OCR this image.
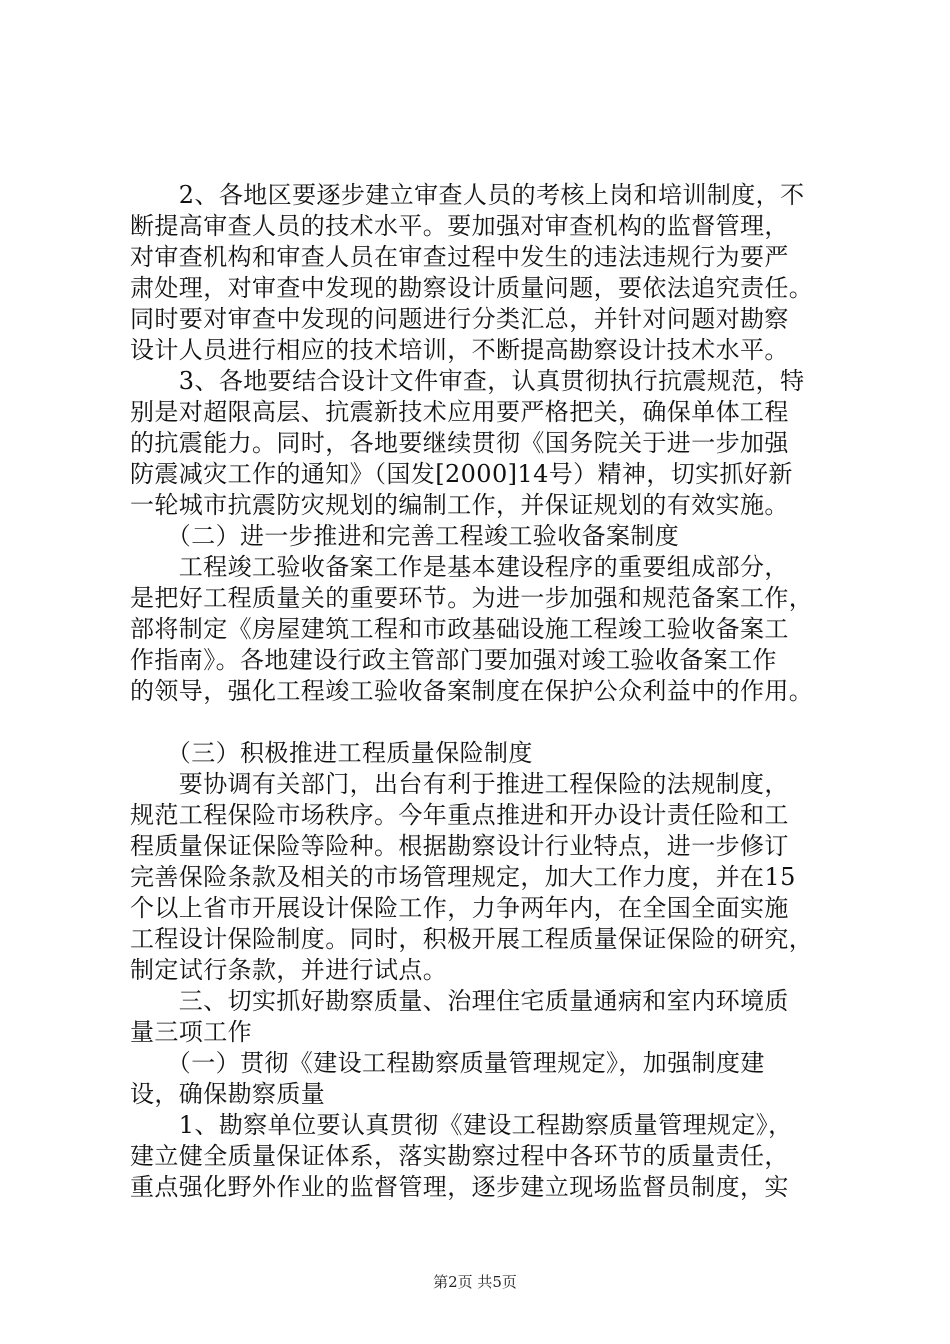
　　2、各地区要逐步建立审查人员的考核上岗和培训制度，不
断提高审查人员的技术水平。要加强对审查机构的监督管理，
对审查机构和审查人员在审查过程中发生的违法违规行为要严
肃处理，对审查中发现的勘察设计质量问题，要依法追究责任。
同时要对审查中发现的问题进行分类汇总，并针对问题对勘察
设计人员进行相应的技术培训，不断提高勘察设计技术水平。
　　3、各地要结合设计文件审查，认真贯彻执行抗震规范，特
别是对超限高层、抗震新技术应用要严格把关，确保单体工程
的抗震能力。同时，各地要继续贯彻《国务院关于进一步加强
防震减灾工作的通知》（国发[2000]14号）精神，切实抓好新
一轮城市抗震防灾规划的编制工作，并保证规划的有效实施。
　　（二）进一步推进和完善工程竣工验收备案制度
　　工程竣工验收备案工作是基本建设程序的重要组成部分，
是把好工程质量关的重要环节。为进一步加强和规范备案工作，
部将制定《房屋建筑工程和市政基础设施工程竣工验收备案工
作指南》。各地建设行政主管部门要加强对竣工验收备案工作
的领导，强化工程竣工验收备案制度在保护公众利益中的作用。
　　（三）积极推进工程质量保险制度
　　要协调有关部门，出台有利于推进工程保险的法规制度，
规范工程保险市场秩序。今年重点推进和开办设计责任险和工
程质量保证保险等险种。根据勘察设计行业特点，进一步修订
完善保险条款及相关的市场管理规定，加大工作力度，并在15
个以上省市开展设计保险工作，力争两年内，在全国全面实施
工程设计保险制度。同时，积极开展工程质量保证保险的研究，
制定试行条款，并进行试点。
　　三、切实抓好勘察质量、治理住宅质量通病和室内环境质
量三项工作
　　（一）贯彻《建设工程勘察质量管理规定》，加强制度建
设，确保勘察质量
　　1、勘察单位要认真贯彻《建设工程勘察质量管理规定》，
建立健全质量保证体系，落实勘察过程中各环节的质量责任，
重点强化野外作业的监督管理，逐步建立现场监督员制度，实
第2页 共5页
